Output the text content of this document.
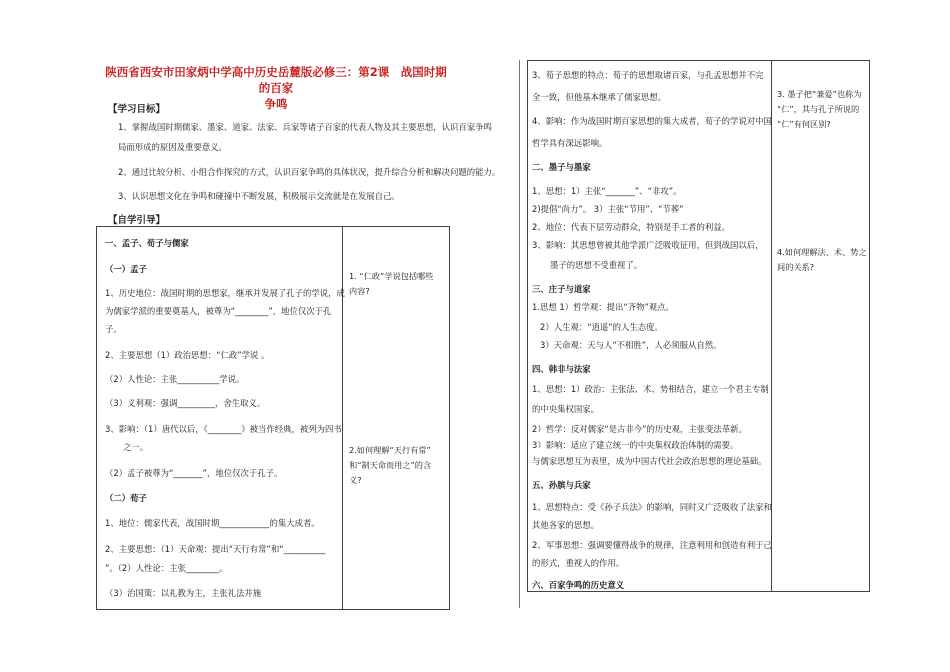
陕西省西安市田家炳中学高中历史岳麓版必修三：第2课　战国时期的百家
争鸣
【学习目标】
1、掌握战国时期儒家、墨家、道家、法家、兵家等诸子百家的代表人物及其主要思想，认识百家争鸣
局面形成的原因及重要意义。
2、通过比较分析、小组合作探究的方式，认识百家争鸣的具体状况，提升综合分析和解决问题的能力。
3、认识思想文化在争鸣和碰撞中不断发展，积极展示交流就是在发展自己。
【自学引导】
一、孟子、荀子与儒家
（一）孟子
1、历史地位：战国时期的思想家，继承并发展了孔子的学说，成
为儒家学派的重要奠基人，被尊为“________”，地位仅次于孔
子。
2、主要思想（1）政治思想：“仁政”学说 。
（2）人性论：主张__________学说。
（3）义利观：强调_________，舍生取义。
3、影响：（1）唐代以后，《________》被当作经典，被列为四书
之一。
（2）孟子被尊为“_______”，地位仅次于孔子。
（二）荀子
1、地位：儒家代表，战国时期____________的集大成者。
2、主要思想：（1）天命观：提出“天行有常”和“__________
”。（2）人性论：主张________。
（3）治国策：以礼教为主，主张礼法并施

1. “仁政”学说包括哪些
内容?
2.如何理解“天行有常”
和“制天命而用之”的含
义?
3、荀子思想的特点：荀子的思想取诸百家，与孔孟思想并不完
全一致，但他基本继承了儒家思想。
4、影响：作为战国时期百家思想的集大成者，荀子的学说对中国
哲学具有深远影响。
二、墨子与墨家
1、思想：1）主张“_______”、“非攻”。
2)提倡“尚力”。 3）主张“节用”、“节葬”
2、地位：代表下层劳动群众，特别是手工者的利益。
3、影响：其思想曾被其他学派广泛吸收征用，但到战国以后，
墨子的思想不受重视了。
三、庄子与道家
1.思想 1）哲学观：提出“齐物”观点。
2）人生观：“逍遥”的人生态度。
3）天命观：天与人“不相胜”，人必须服从自然。
四、韩非与法家
1、思想：1）政治：主张法、术、势相结合，建立一个君主专制
的中央集权国家。
2）哲学：反对儒家“是古非今”的历史观，主张变法革新。
3）影响：适应了建立统一的中央集权政治体制的需要。
与儒家思想互为表里，成为中国古代社会政治思想的理论基础。
五、孙膑与兵家
1、思想特点：受《孙子兵法》的影响，同时又广泛吸收了法家和
其他各家的思想。
2、军事思想：强调要懂得战争的规律，注意利用和创造有利于己
的形式，重视人的作用。
六、百家争鸣的历史意义

3. 墨子把“兼爱”也称为
“仁”，其与孔子所说的
“仁”有何区别?
4.如何理解法、术、势之
间的关系?
